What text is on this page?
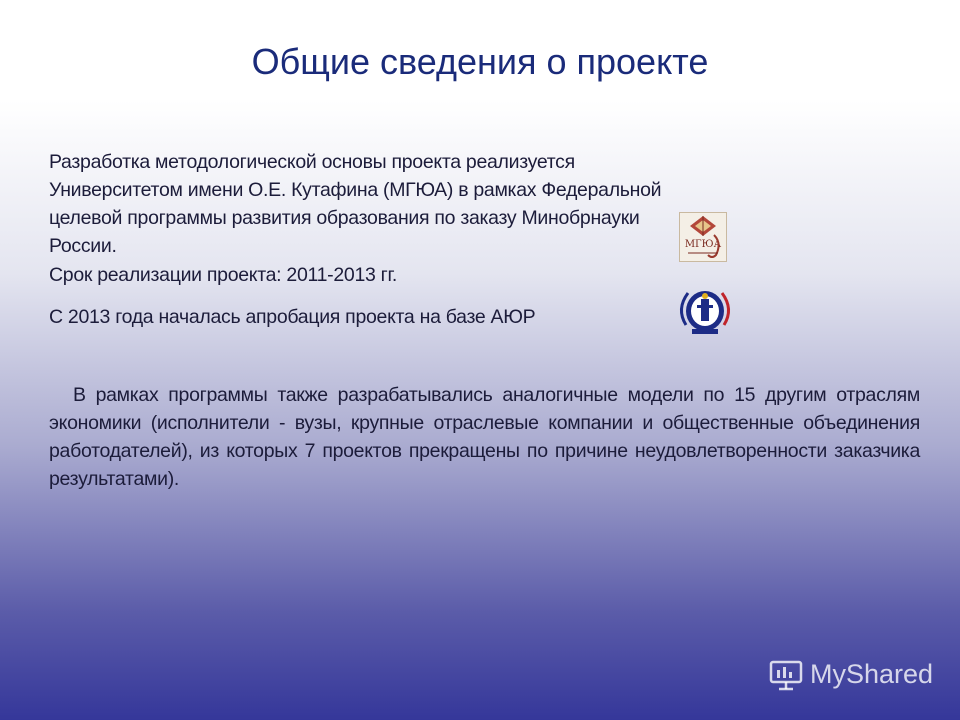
Общие сведения о проекте
Разработка методологической основы проекта реализуется Университетом имени О.Е. Кутафина (МГЮА) в рамках Федеральной целевой программы развития образования по заказу Минобрнауки России.
Срок реализации проекта: 2011-2013 гг.
С 2013 года началась апробация проекта на базе АЮР
В рамках программы также разрабатывались аналогичные модели по 15 другим отраслям экономики (исполнители - вузы, крупные отраслевые компании и общественные объединения работодателей), из которых 7 проектов прекращены по причине неудовлетворенности заказчика результатами).
МГЮА
MyShared
